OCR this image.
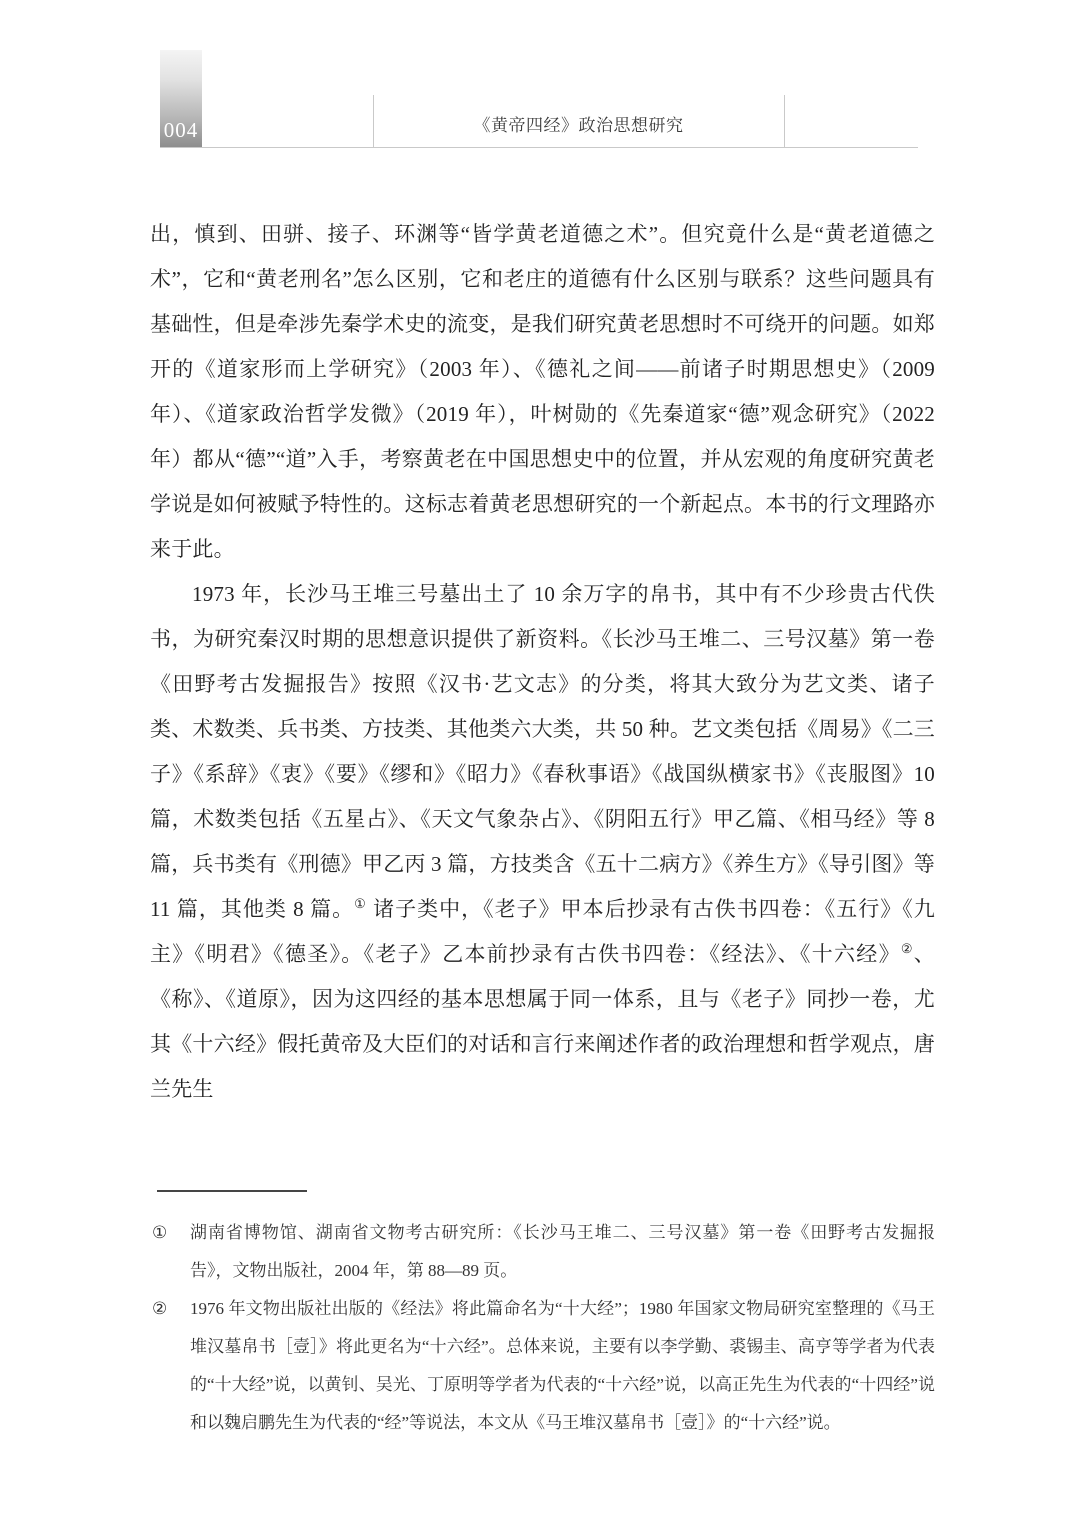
004	《黄帝四经》政治思想研究

出，慎到、田骈、接子、环渊等“皆学黄老道德之术”。但究竟什么是“黄老道德之术”，它和“黄老刑名”怎么区别，它和老庄的道德有什么区别与联系？这些问题具有基础性，但是牵涉先秦学术史的流变，是我们研究黄老思想时不可绕开的问题。如郑开的《道家形而上学研究》（2003 年）、《德礼之间——前诸子时期思想史》（2009 年）、《道家政治哲学发微》（2019 年），叶树勋的《先秦道家“德”观念研究》（2022 年）都从“德”“道”入手，考察黄老在中国思想史中的位置，并从宏观的角度研究黄老学说是如何被赋予特性的。这标志着黄老思想研究的一个新起点。本书的行文理路亦来于此。

1973 年，长沙马王堆三号墓出土了 10 余万字的帛书，其中有不少珍贵古代佚书，为研究秦汉时期的思想意识提供了新资料。《长沙马王堆二、三号汉墓》第一卷《田野考古发掘报告》按照《汉书·艺文志》的分类，将其大致分为艺文类、诸子类、术数类、兵书类、方技类、其他类六大类，共 50 种。艺文类包括《周易》《二三子》《系辞》《衷》《要》《缪和》《昭力》《春秋事语》《战国纵横家书》《丧服图》10 篇，术数类包括《五星占》、《天文气象杂占》、《阴阳五行》甲乙篇、《相马经》等 8 篇，兵书类有《刑德》甲乙丙 3 篇，方技类含《五十二病方》《养生方》《导引图》等 11 篇，其他类 8 篇。① 诸子类中，《老子》甲本后抄录有古佚书四卷：《五行》《九主》《明君》《德圣》。《老子》乙本前抄录有古佚书四卷：《经法》、《十六经》②、《称》、《道原》，因为这四经的基本思想属于同一体系，且与《老子》同抄一卷，尤其《十六经》假托黄帝及大臣们的对话和言行来阐述作者的政治理想和哲学观点，唐兰先生

① 湖南省博物馆、湖南省文物考古研究所：《长沙马王堆二、三号汉墓》第一卷《田野考古发掘报告》，文物出版社，2004 年，第 88—89 页。
② 1976 年文物出版社出版的《经法》将此篇命名为“十大经”；1980 年国家文物局研究室整理的《马王堆汉墓帛书［壹］》将此更名为“十六经”。总体来说，主要有以李学勤、裘锡圭、高亨等学者为代表的“十大经”说，以黄钊、吴光、丁原明等学者为代表的“十六经”说，以高正先生为代表的“十四经”说和以魏启鹏先生为代表的“经”等说法，本文从《马王堆汉墓帛书［壹］》的“十六经”说。
